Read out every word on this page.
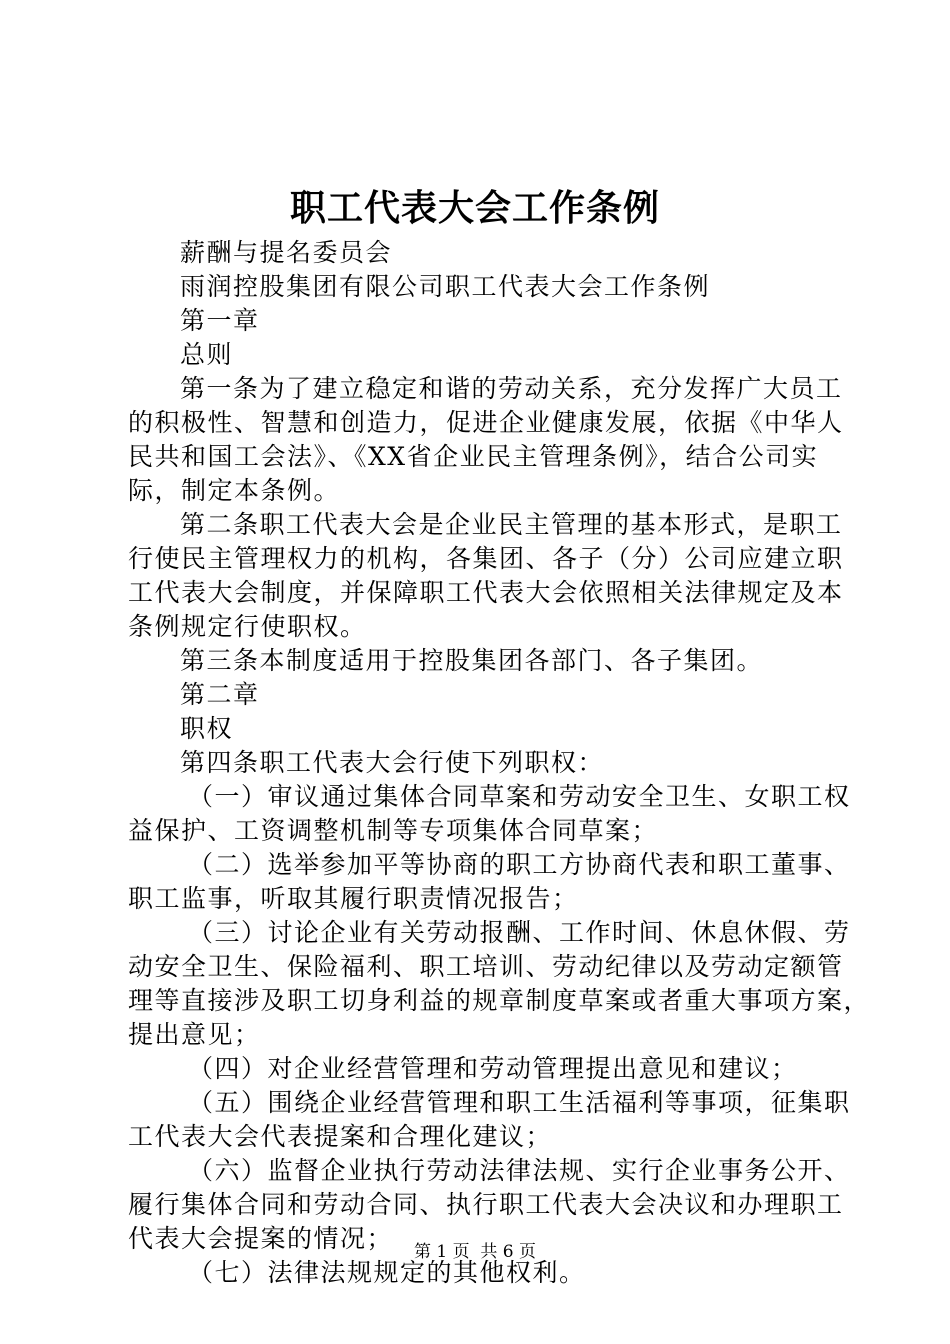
职工代表大会工作条例

薪酬与提名委员会

雨润控股集团有限公司职工代表大会工作条例

第一章

总则

第一条为了建立稳定和谐的劳动关系，充分发挥广大员工

的积极性、智慧和创造力，促进企业健康发展，依据《中华人

民共和国工会法》、《XX省企业民主管理条例》，结合公司实

际，制定本条例。

第二条职工代表大会是企业民主管理的基本形式，是职工

行使民主管理权力的机构，各集团、各子（分）公司应建立职

工代表大会制度，并保障职工代表大会依照相关法律规定及本

条例规定行使职权。

第三条本制度适用于控股集团各部门、各子集团。

第二章

职权

第四条职工代表大会行使下列职权：

（一）审议通过集体合同草案和劳动安全卫生、女职工权

益保护、工资调整机制等专项集体合同草案；

（二）选举参加平等协商的职工方协商代表和职工董事、

职工监事，听取其履行职责情况报告；

（三）讨论企业有关劳动报酬、工作时间、休息休假、劳

动安全卫生、保险福利、职工培训、劳动纪律以及劳动定额管

理等直接涉及职工切身利益的规章制度草案或者重大事项方案，

提出意见；

（四）对企业经营管理和劳动管理提出意见和建议；

（五）围绕企业经营管理和职工生活福利等事项，征集职

工代表大会代表提案和合理化建议；

（六）监督企业执行劳动法律法规、实行企业事务公开、

履行集体合同和劳动合同、执行职工代表大会决议和办理职工

代表大会提案的情况；

（七）法律法规规定的其他权利。

第 1 页  共 6 页
